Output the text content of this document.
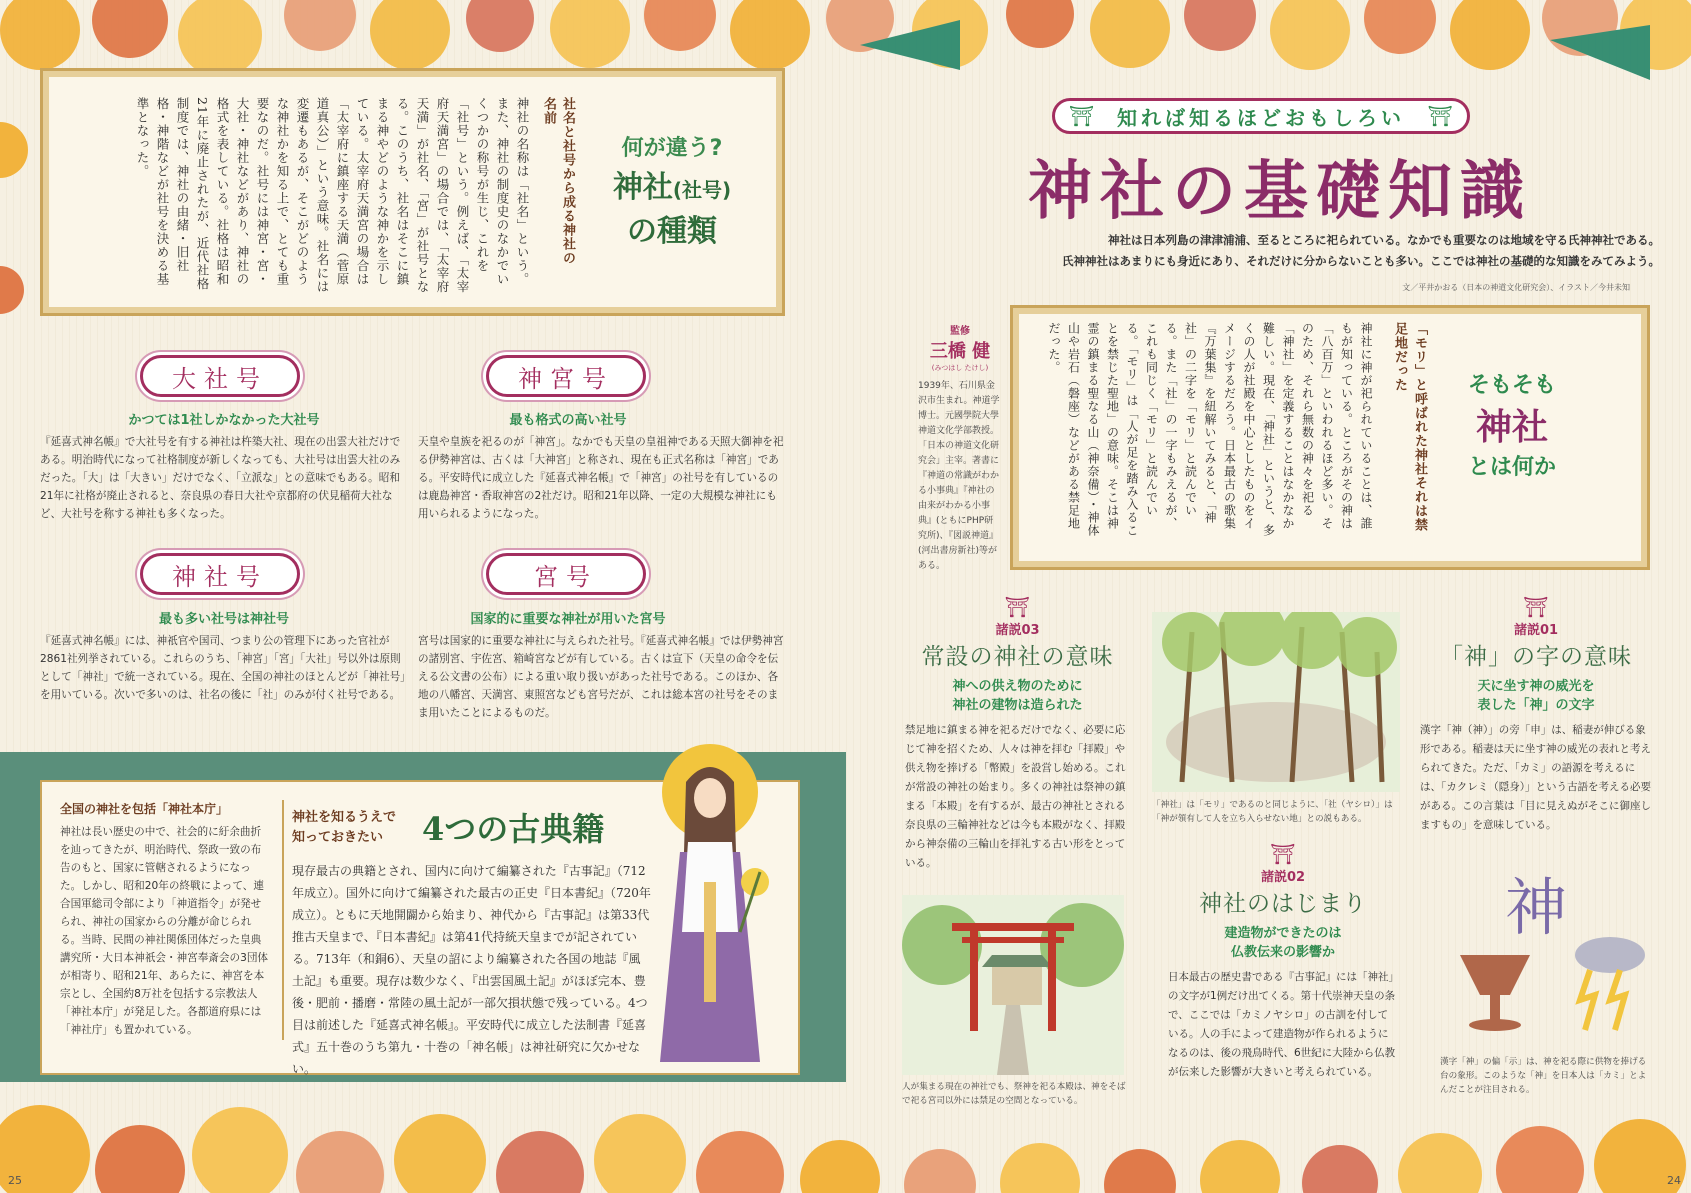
神社の名称は「社名」という。また、神社の制度史のなかでいくつかの称号が生じ、これを「社号」という。例えば、「太宰府天満宮」の場合では、「太宰府天満」が社名、「宮」が社号となる。このうち、社名はそこに鎮まる神やどのような神かを示している。太宰府天満宮の場合は「太宰府に鎮座する天満（菅原道真公）」という意味。社名には変遷もあるが、そこがどのような神社かを知る上で、とても重要なのだ。社号には神宮・宮・大社・神社などがあり、神社の格式を表している。社格は昭和21年に廃止されたが、近代社格制度では、神社の由緒・旧社格・神階などが社号を決める基準となった。	社名と社号から成る神社の名前
何が違う?
神社(社号)
の種類
大社号
かつては1社しかなかった大社号
『延喜式神名帳』で大社号を有する神社は杵築大社、現在の出雲大社だけである。明治時代になって社格制度が新しくなっても、大社号は出雲大社のみだった。「大」は「大きい」だけでなく、「立派な」との意味でもある。昭和21年に社格が廃止されると、奈良県の春日大社や京都府の伏見稲荷大社など、大社号を称する神社も多くなった。
神宮号
最も格式の高い社号
天皇や皇族を祀るのが「神宮」。なかでも天皇の皇祖神である天照大御神を祀る伊勢神宮は、古くは「大神宮」と称され、現在も正式名称は「神宮」である。平安時代に成立した『延喜式神名帳』で「神宮」の社号を有しているのは鹿島神宮・香取神宮の2社だけ。昭和21年以降、一定の大規模な神社にも用いられるようになった。
神社号
最も多い社号は神社号
『延喜式神名帳』には、神祇官や国司、つまり公の管理下にあった官社が2861社列挙されている。これらのうち、「神宮」「宮」「大社」号以外は原則として「神社」で統一されている。現在、全国の神社のほとんどが「神社号」を用いている。次いで多いのは、社名の後に「社」のみが付く社号である。
宮号
国家的に重要な神社が用いた宮号
宮号は国家的に重要な神社に与えられた社号。『延喜式神名帳』では伊勢神宮の諸別宮、宇佐宮、箱崎宮などが有している。古くは宣下（天皇の命令を伝える公文書の公布）による重い取り扱いがあった社号である。このほか、各地の八幡宮、天満宮、東照宮なども宮号だが、これは総本宮の社号をそのまま用いたことによるものだ。
全国の神社を包括「神社本庁」
神社は長い歴史の中で、社会的に紆余曲折を辿ってきたが、明治時代、祭政一致の布告のもと、国家に管轄されるようになった。しかし、昭和20年の終戦によって、連合国軍総司令部により「神道指令」が発せられ、神社の国家からの分離が命じられる。当時、民間の神社関係団体だった皇典講究所・大日本神祇会・神宮奉斎会の3団体が相寄り、昭和21年、あらたに、神宮を本宗とし、全国約8万社を包括する宗教法人「神社本庁」が発足した。各都道府県には「神社庁」も置かれている。
神社を知るうえで
知っておきたい 4つの古典籍
現存最古の典籍とされ、国内に向けて編纂された『古事記』（712年成立）。国外に向けて編纂された最古の正史『日本書紀』（720年成立）。ともに天地開闢から始まり、神代から『古事記』は第33代推古天皇まで、『日本書紀』は第41代持統天皇までが記されている。713年（和銅6）、天皇の詔により編纂された各国の地誌『風土記』も重要。現存は数少なく、『出雲国風土記』がほぼ完本、豊後・肥前・播磨・常陸の風土記が一部欠損状態で残っている。4つ目は前述した『延喜式神名帳』。平安時代に成立した法制書『延喜式』五十巻のうち第九・十巻の「神名帳」は神社研究に欠かせない。
25
⛩ 知れば知るほどおもしろい ⛩
神社の基礎知識
神社は日本列島の津津浦浦、至るところに祀られている。なかでも重要なのは地域を守る氏神神社である。
氏神神社はあまりにも身近にあり、それだけに分からないことも多い。ここでは神社の基礎的な知識をみてみよう。
文／平井かおる（日本の神道文化研究会）、イラスト／今井未知
監修
三橋 健
(みつはし たけし)
1939年、石川県金沢市生まれ。神道学博士。元國學院大學神道文化学部教授。「日本の神道文化研究会」主宰。著書に『神道の常識がわかる小事典』『神社の由来がわかる小事典』(ともにPHP研究所)、『図説神道』(河出書房新社)等がある。
そもそも
神社
とは何か
「モリ」と呼ばれた神社それは禁足地だった
神社に神が祀られていることは、誰もが知っている。ところがその神は「八百万」といわれるほど多い。そのため、それら無数の神々を祀る「神社」を定義することはなかなか難しい。現在、「神社」というと、多くの人が社殿を中心としたものをイメージするだろう。日本最古の歌集『万葉集』を紐解いてみると、「神社」の二字を「モリ」と読んでいる。また「社」の一字もみえるが、これも同じく「モリ」と読んでいる。「モリ」は「人が足を踏み入ることを禁じた聖地」の意味。そこは神霊の鎮まる聖なる山（神奈備）・神体山や岩石（磐座）などがある禁足地だった。
⛩
諸説03
常設の神社の意味
神への供え物のために
神社の建物は造られた
禁足地に鎮まる神を祀るだけでなく、必要に応じて神を招くため、人々は神を拝む「拝殿」や供え物を捧げる「幣殿」を設営し始める。これが常設の神社の始まり。多くの神社は祭神の鎮まる「本殿」を有するが、最古の神社とされる奈良県の三輪神社などは今も本殿がなく、拝殿から神奈備の三輪山を拝礼する古い形をとっている。
「神社」は「モリ」であるのと同じように、「社（ヤシロ）」は「神が領有して人を立ち入らせない地」との説もある。
人が集まる現在の神社でも、祭神を祀る本殿は、神をそばで祀る宮司以外には禁足の空間となっている。
⛩
諸説02
神社のはじまり
建造物ができたのは
仏教伝来の影響か
日本最古の歴史書である『古事記』には「神社」の文字が1例だけ出てくる。第十代崇神天皇の条で、ここでは「カミノヤシロ」の古訓を付している。人の手によって建造物が作られるようになるのは、後の飛鳥時代、6世紀に大陸から仏教が伝来した影響が大きいと考えられている。
⛩
諸説01
「神」の字の意味
天に坐す神の威光を
表した「神」の文字
漢字「神（神）」の旁「申」は、稲妻が伸びる象形である。稲妻は天に坐す神の威光の表れと考えられてきた。ただ、「カミ」の語源を考えるには、「カクレミ（隠身）」という古語を考える必要がある。この言葉は「目に見えぬがそこに御座しますもの」を意味している。
神
漢字「神」の偏「示」は、神を祀る際に供物を捧げる台の象形。このような「神」を日本人は「カミ」とよんだことが注目される。
24
